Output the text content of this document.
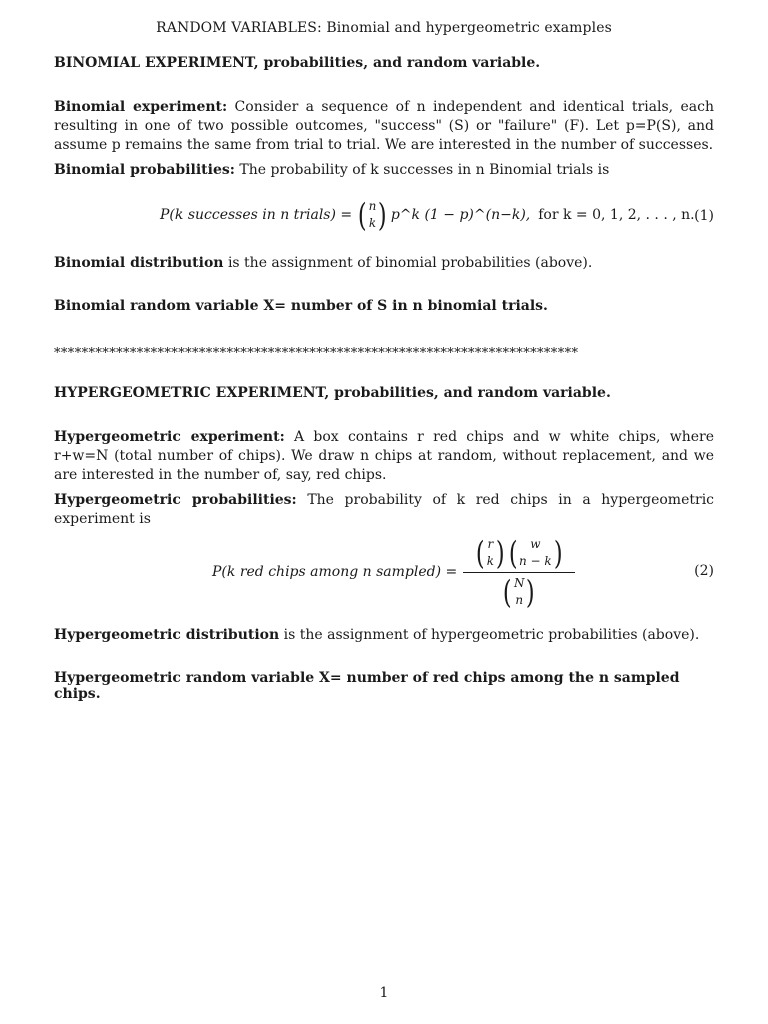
RANDOM VARIABLES: Binomial and hypergeometric examples
BINOMIAL EXPERIMENT, probabilities, and random variable.
Binomial experiment: Consider a sequence of n independent and identical trials, each resulting in one of two possible outcomes, "success" (S) or "failure" (F). Let p=P(S), and assume p remains the same from trial to trial. We are interested in the number of successes.
Binomial probabilities: The probability of k successes in n Binomial trials is
P(k successes in n trials) = ( n
k ) p^k (1 − p)^(n−k), for k = 0, 1, 2, . . . , n. (1)
Binomial distribution is the assignment of binomial probabilities (above).
Binomial random variable X= number of S in n binomial trials.
****************************************************************************
HYPERGEOMETRIC EXPERIMENT, probabilities, and random variable.
Hypergeometric experiment: A box contains r red chips and w white chips, where r+w=N (total number of chips). We draw n chips at random, without replacement, and we are interested in the number of, say, red chips.
Hypergeometric probabilities: The probability of k red chips in a hypergeometric experiment is
P(k red chips among n sampled) =
( r
k ) ( w
n − k )
( N
n )
(2)
Hypergeometric distribution is the assignment of hypergeometric probabilities (above).
Hypergeometric random variable X= number of red chips among the n sampled chips.
1
